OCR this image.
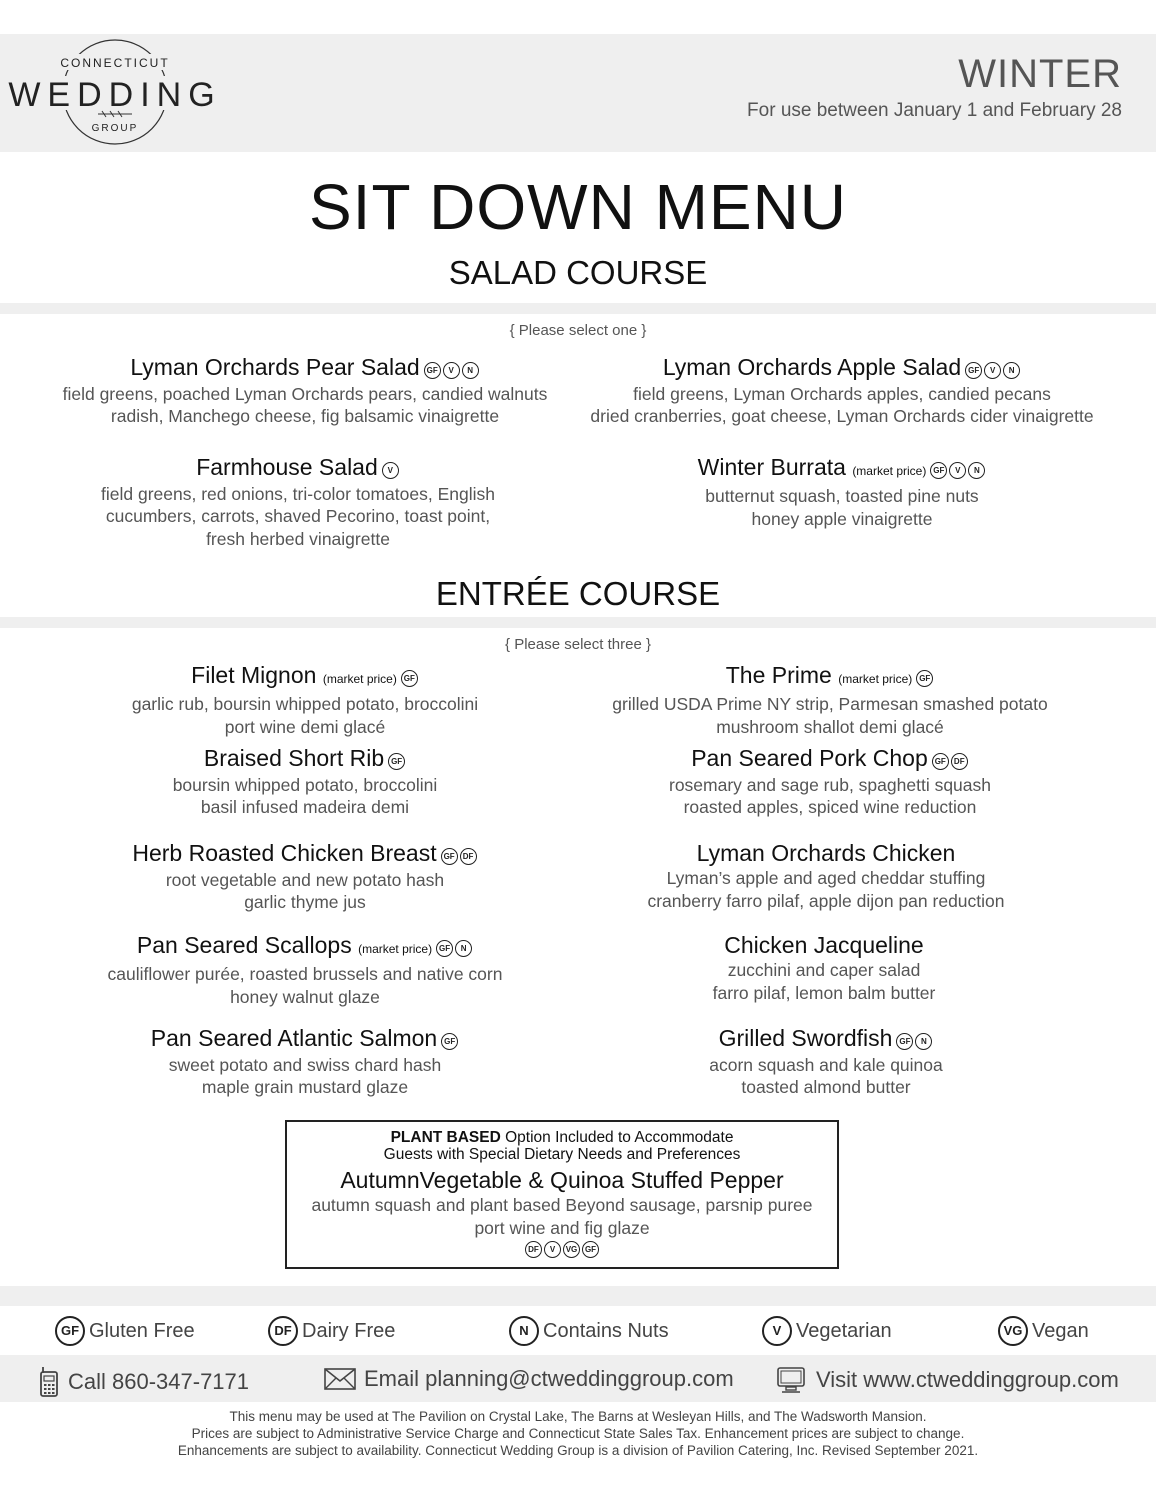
CONNECTICUT
WEDDING
GROUP
WINTER
For use between January 1 and February 28
SIT DOWN MENU
SALAD COURSE
{ Please select one }
Lyman Orchards Pear Salad GF V N
field greens, poached Lyman Orchards pears, candied walnuts
radish, Manchego cheese, fig balsamic vinaigrette
Lyman Orchards Apple Salad GF V N
field greens, Lyman Orchards apples, candied pecans
dried cranberries, goat cheese, Lyman Orchards cider vinaigrette
Farmhouse Salad V
field greens, red onions, tri-color tomatoes, English
cucumbers, carrots, shaved Pecorino, toast point,
fresh herbed vinaigrette
Winter Burrata (market price) GF V N
butternut squash, toasted pine nuts
honey apple vinaigrette
ENTRÉE COURSE
{ Please select three }
Filet Mignon (market price) GF
garlic rub, boursin whipped potato, broccolini
port wine demi glacé
The Prime (market price) GF
grilled USDA Prime NY strip, Parmesan smashed potato
mushroom shallot demi glacé
Braised Short Rib GF
boursin whipped potato, broccolini
basil infused madeira demi
Pan Seared Pork Chop GF DF
rosemary and sage rub, spaghetti squash
roasted apples, spiced wine reduction
Herb Roasted Chicken Breast GF DF
root vegetable and new potato hash
garlic thyme jus
Lyman Orchards Chicken
Lyman’s apple and aged cheddar stuffing
cranberry farro pilaf, apple dijon pan reduction
Pan Seared Scallops (market price) GF N
cauliflower purée, roasted brussels and native corn
honey walnut glaze
Chicken Jacqueline
zucchini and caper salad
farro pilaf, lemon balm butter
Pan Seared Atlantic Salmon GF
sweet potato and swiss chard hash
maple grain mustard glaze
Grilled Swordfish GF N
acorn squash and kale quinoa
toasted almond butter
PLANT BASED Option Included to Accommodate
Guests with Special Dietary Needs and Preferences
AutumnVegetable & Quinoa Stuffed Pepper
autumn squash and plant based Beyond sausage, parsnip puree
port wine and fig glaze
DF V VG GF
GF Gluten Free	DF Dairy Free	N Contains Nuts	V Vegetarian	VG Vegan
Call 860-347-7171	Email planning@ctweddinggroup.com	Visit www.ctweddinggroup.com
This menu may be used at The Pavilion on Crystal Lake, The Barns at Wesleyan Hills, and The Wadsworth Mansion.
Prices are subject to Administrative Service Charge and Connecticut State Sales Tax. Enhancement prices are subject to change.
Enhancements are subject to availability. Connecticut Wedding Group is a division of Pavilion Catering, Inc. Revised September 2021.
